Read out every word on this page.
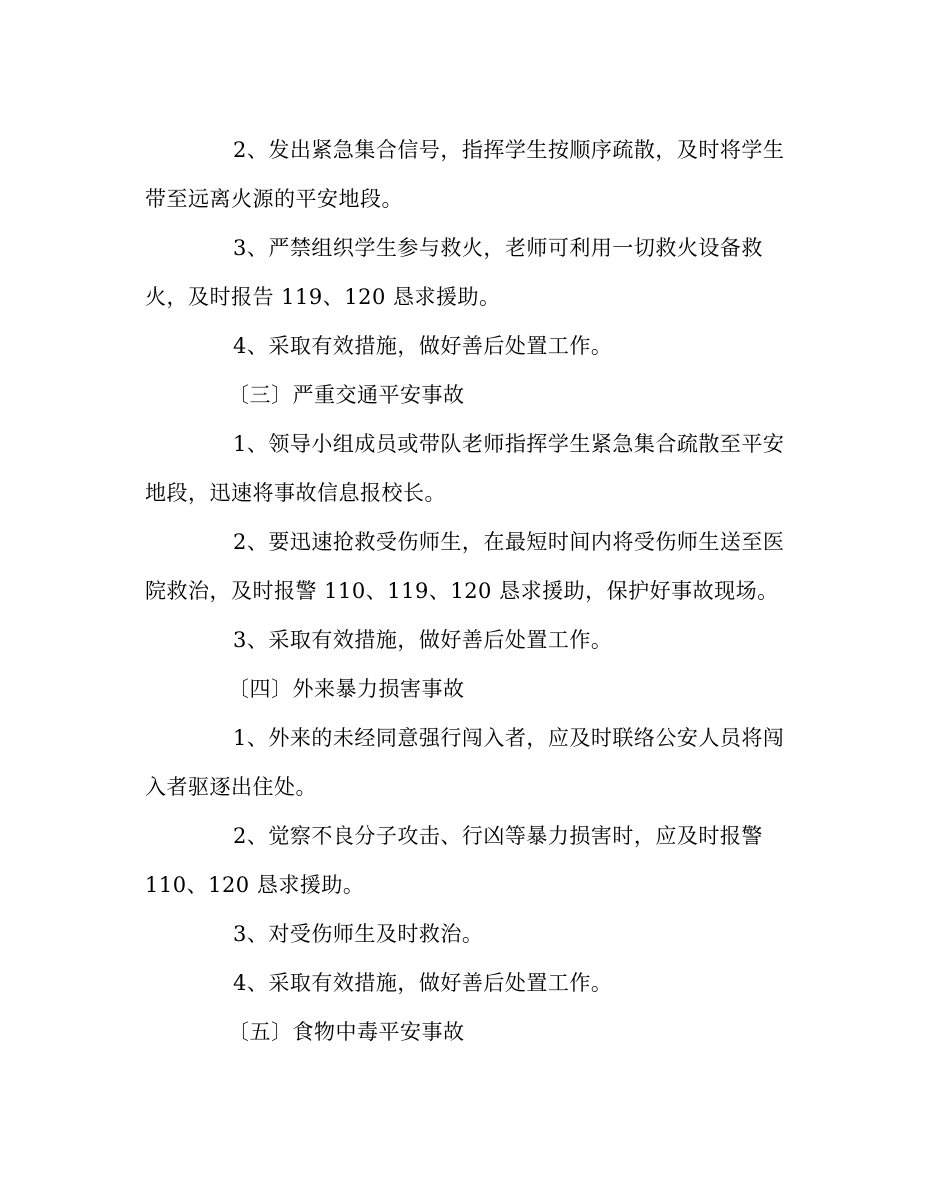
2、发出紧急集合信号，指挥学生按顺序疏散，及时将学生
带至远离火源的平安地段。

3、严禁组织学生参与救火，老师可利用一切救火设备救
火，及时报告 119、120 恳求援助。

4、采取有效措施，做好善后处置工作。

〔三〕严重交通平安事故

1、领导小组成员或带队老师指挥学生紧急集合疏散至平安
地段，迅速将事故信息报校长。

2、要迅速抢救受伤师生，在最短时间内将受伤师生送至医
院救治，及时报警 110、119、120 恳求援助，保护好事故现场。

3、采取有效措施，做好善后处置工作。

〔四〕外来暴力损害事故

1、外来的未经同意强行闯入者，应及时联络公安人员将闯
入者驱逐出住处。

2、觉察不良分子攻击、行凶等暴力损害时，应及时报警
110、120 恳求援助。

3、对受伤师生及时救治。

4、采取有效措施，做好善后处置工作。

〔五〕食物中毒平安事故
